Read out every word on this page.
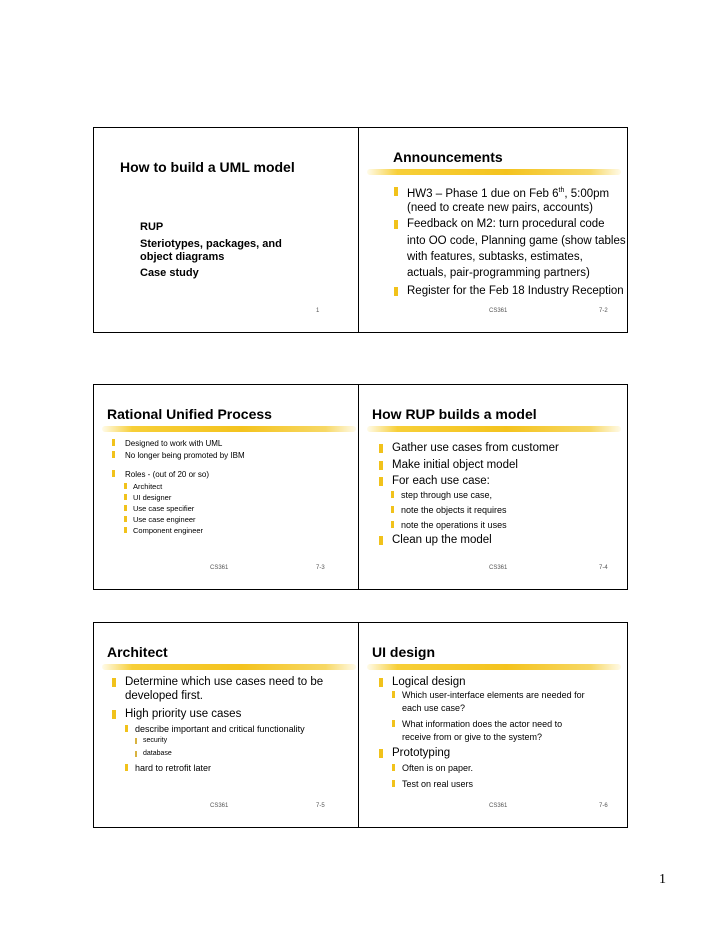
How to build a UML model
RUP
Steriotypes, packages, and
object diagrams
Case study
1
Announcements
HW3 – Phase 1 due on Feb 6th, 5:00pm
(need to create new pairs, accounts)
Feedback on M2: turn procedural code
into OO code, Planning game (show tables
with features, subtasks, estimates,
actuals, pair-programming partners)
Register for the Feb 18 Industry Reception
CS361	7-2
Rational Unified Process
Designed to work with UML
No longer being promoted by IBM
Roles - (out of 20 or so)
Architect
UI designer
Use case specifier
Use case engineer
Component engineer
CS361	7-3
How RUP builds a model
Gather use cases from customer
Make initial object model
For each use case:
step through use case,
note the objects it requires
note the operations it uses
Clean up the model
CS361	7-4
Architect
Determine which use cases need to be
developed first.
High priority use cases
describe important and critical functionality
security
database
hard to retrofit later
CS361	7-5
UI design
Logical design
Which user-interface elements are needed for
each use case?
What information does the actor need to
receive from or give to the system?
Prototyping
Often is on paper.
Test on real users
CS361	7-6
1
